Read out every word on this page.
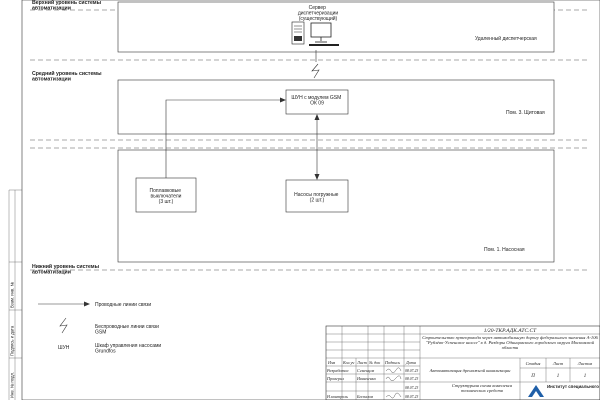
Взам. инв. №
Подпись и дата
Инв. № подл.
Верхний уровень системы автоматизации
Удаленный диспетчерская
Сервер диспетчеризации (существующий)
Средний уровень системы автоматизации
Пом. 3. Щитовая
ШУН с модулем GSM ОК 09
Пом. 1. Насосная
Нижний уровень системы автоматизации
Поплавковые выключатели (3 шт.)
Насосы погружные (2 шт.)
Проводные линии связи
Беспроводные линии связи GSM
ШУН	Шкаф управления насосами Grundfos
1/20-ТКР.АДК.АТС.СТ
Строительство путепровода через автомобильную дорогу федерального значения А-106 "Рублёво-Успенское шоссе" в д. Раздоры Одинцовского городского округа Московской области
Изм Кол.уч Лист № док Подпись Дата
Разработал Семенцов	08.07.23
Проверил	Иванченко	08.07.23
08.07.23
Н.контроль Беспалов	08.07.23
Автоматизация дренажной канализации
Стадия	Лист	Листов
П	1	1
Структурная схема комплекса технических средств
Институт специального
